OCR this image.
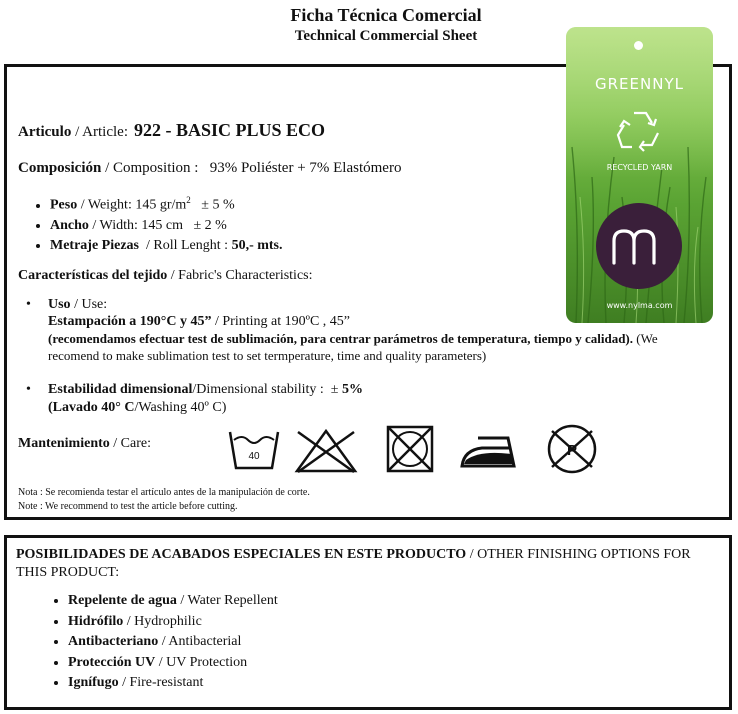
Ficha Técnica Comercial
Technical Commercial Sheet
Articulo / Article: 922 - BASIC PLUS ECO
Composición / Composition : 93% Poliéster + 7% Elastómero
• Peso / Weight: 145 $gr/m^2 \pm 5$ %
• Ancho / Width: 145 cm ± 2 %
• Metraje Piezas  / Roll Lenght : 50,- mts.
Características del tejido / Fabric's Characteristics:
• Uso / Use:
Estampación a 190°C y 45” / Printing at 190ºC , 45”
(recomendamos efectuar test de sublimación, para centrar parámetros de temperatura, tiempo y calidad). (We recomend to make sublimation test to set termperature, time and quality parameters)
• Estabilidad dimensional/Dimensional stability : ± 5%
(Lavado 40° C/Washing 40º C)
Mantenimiento / Care:
40	P
Nota : Se recomienda testar el artículo antes de la manipulación de corte.
Note : We recommend to test the article before cutting.
GREENNYL
RECYCLED YARN
www.nylma.com
POSIBILIDADES DE ACABADOS ESPECIALES EN ESTE PRODUCTO / OTHER FINISHING OPTIONS FOR THIS PRODUCT:
• Repelente de agua / Water Repellent
• Hidrófilo / Hydrophilic
• Antibacteriano / Antibacterial
• Protección UV / UV Protection
• Ignífugo / Fire-resistant
